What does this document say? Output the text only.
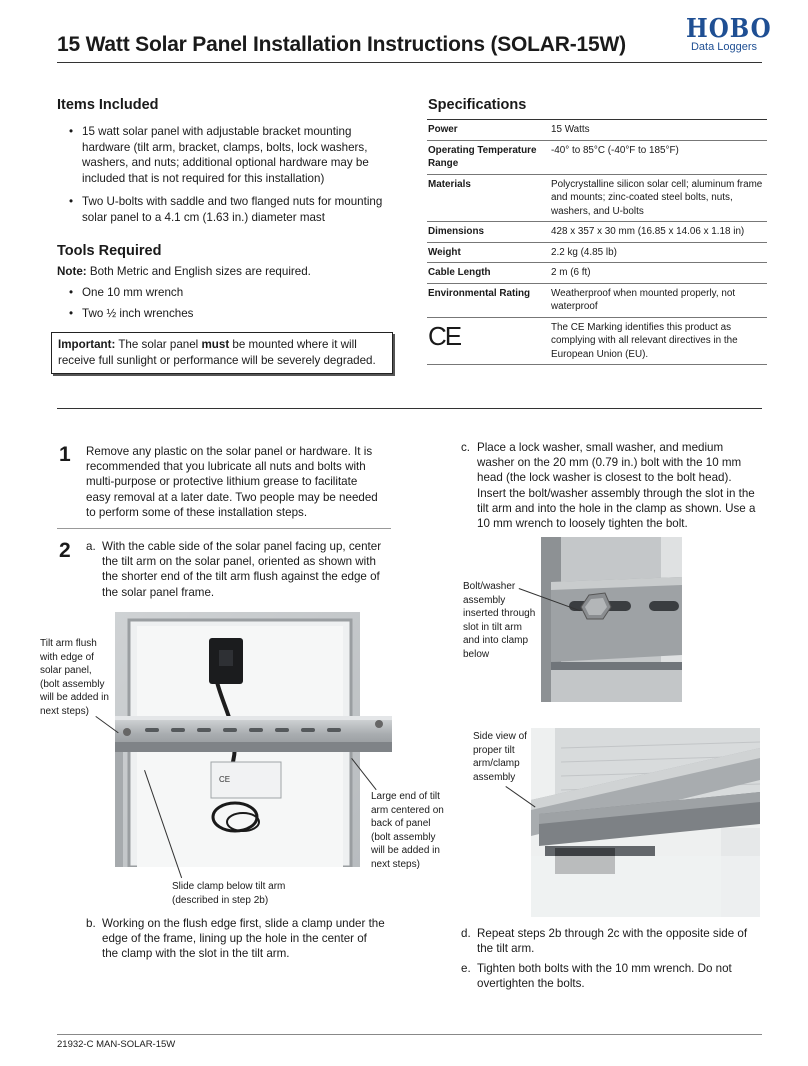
15 Watt Solar Panel Installation Instructions (SOLAR-15W)
HOBO
Data Loggers
Items Included
• 15 watt solar panel with adjustable bracket mounting hardware (tilt arm, bracket, clamps, bolts, lock washers, washers, and nuts; additional optional hardware may be included that is not required for this installation)
• Two U-bolts with saddle and two flanged nuts for mounting solar panel to a 4.1 cm (1.63 in.) diameter mast
Tools Required
Note: Both Metric and English sizes are required.
• One 10 mm wrench
• Two ½ inch wrenches
Important: The solar panel must be mounted where it will receive full sunlight or performance will be severely degraded.
Specifications
Power	15 Watts
Operating Temperature Range	-40° to 85°C (-40°F to 185°F)
Materials	Polycrystalline silicon solar cell; aluminum frame and mounts; zinc-coated steel bolts, nuts, washers, and U-bolts
Dimensions	428 x 357 x 30 mm (16.85 x 14.06 x 1.18 in)
Weight	2.2 kg (4.85 lb)
Cable Length	2 m (6 ft)
Environmental Rating	Weatherproof when mounted properly, not waterproof
CE	The CE Marking identifies this product as complying with all relevant directives in the European Union (EU).
1 Remove any plastic on the solar panel or hardware. It is recommended that you lubricate all nuts and bolts with multi-purpose or protective lithium grease to facilitate easy removal at a later date. Two people may be needed to perform some of these installation steps.
2 a. With the cable side of the solar panel facing up, center the tilt arm on the solar panel, oriented as shown with the shorter end of the tilt arm flush against the edge of the solar panel frame.
CE
Tilt arm flush with edge of solar panel, (bolt assembly will be added in next steps)
Large end of tilt arm centered on back of panel (bolt assembly will be added in next steps)
Slide clamp below tilt arm (described in step 2b)
b. Working on the flush edge first, slide a clamp under the edge of the frame, lining up the hole in the center of the clamp with the slot in the tilt arm.
c. Place a lock washer, small washer, and medium washer on the 20 mm (0.79 in.) bolt with the 10 mm head (the lock washer is closest to the bolt head). Insert the bolt/washer assembly through the slot in the tilt arm and into the hole in the clamp as shown. Use a 10 mm wrench to loosely tighten the bolt.
Bolt/washer assembly inserted through slot in tilt arm and into clamp below
Side view of proper tilt arm/clamp assembly
d. Repeat steps 2b through 2c with the opposite side of the tilt arm.
e. Tighten both bolts with the 10 mm wrench. Do not overtighten the bolts.
21932-C MAN-SOLAR-15W
